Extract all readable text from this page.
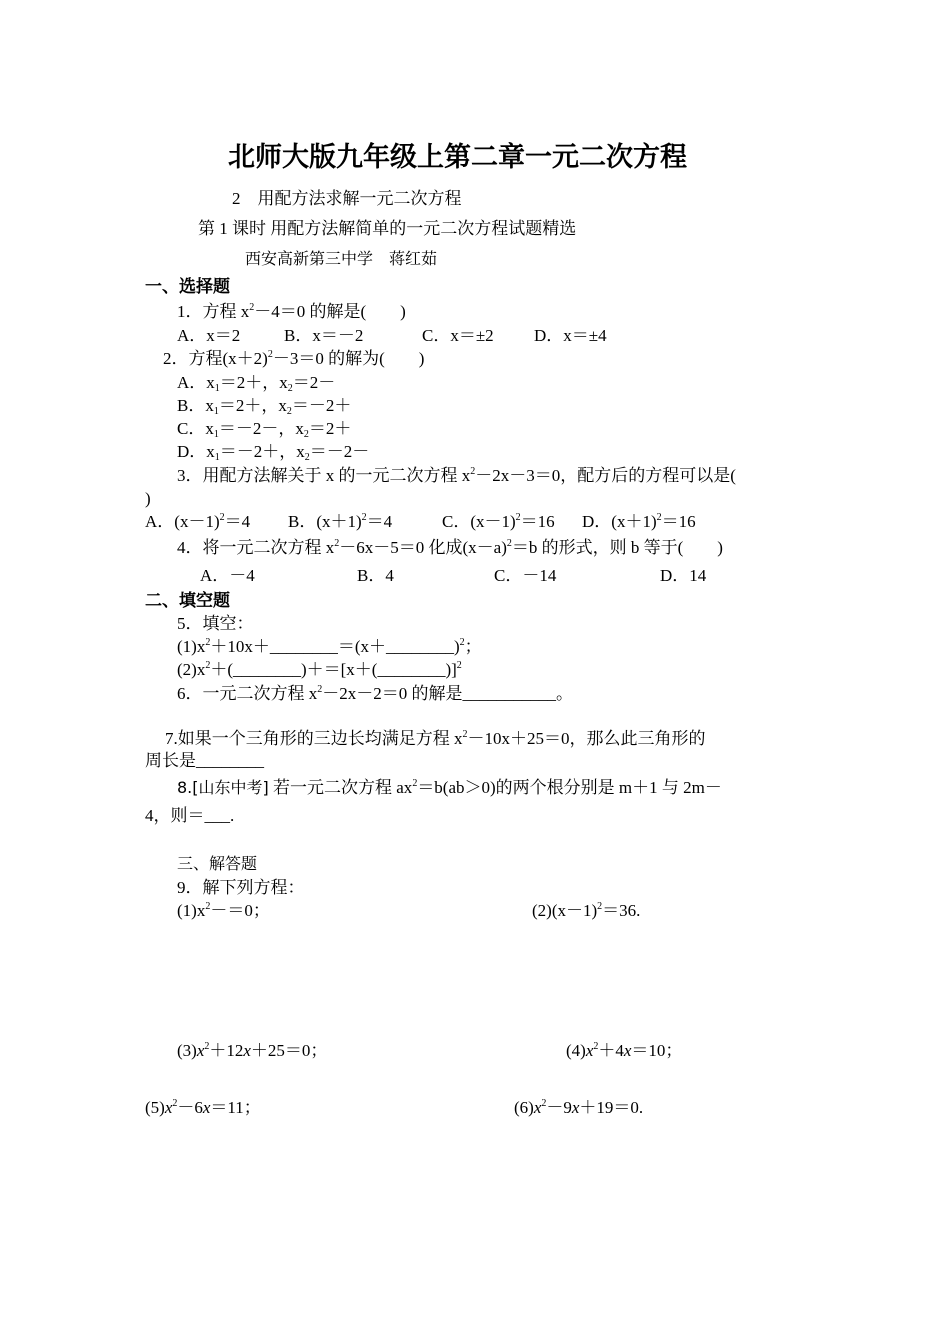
北师大版九年级上第二章一元二次方程
2　用配方法求解一元二次方程
第 1 课时 用配方法解简单的一元二次方程试题精选
西安高新第三中学　蒋红茹
一、选择题
1．方程 $x^2-4=0$ 的解是(　　)
A．x＝2	B．x＝－2	C．x＝±2 D．x＝±4
2．方程$(x+2)^2-3=0$ 的解为(　　)
A．$x_1=2+$，$x_2=2-$
B．$x_1=2+$，$x_2=-2+$
C．$x_1=-2-$，$x_2=2+$
D．$x_1=-2+$，$x_2=-2-$
3．用配方法解关于 x 的一元二次方程 $x^2-2x-3=0$，配方后的方程可以是(
)
A．$(x-1)^2=4$ B．$(x+1)^2=4$	C．$(x-1)^2=16$ D．$(x+1)^2=16$
4．将一元二次方程 $x^2-6x-5=0$ 化成$(x-a)^2=b$ 的形式，则 b 等于(　　)
A．－4	B．4	C．－14	D．14
二、填空题
5．填空：
$(1)x^2+10x+\_\_\_\_\_\_\_\_=(x+\_\_\_\_\_\_\_\_)^2$；
$(2)x^2+(\_\_\_\_\_\_\_\_)+=[x+(\_\_\_\_\_\_\_\_)]^2$
6．一元二次方程 $x^2-2x-2=0$ 的解是___________。
7.如果一个三角形的三边长均满足方程 $x^2-10x+25=0$，那么此三角形的
周长是________
8.[山东中考] 若一元二次方程 $ax^2=b(ab>0)$的两个根分别是 m＋1 与 2m－
4，则＝___.
三、解答题
9．解下列方程：
$(1)x^2-=0$；	$(2)(x-1)^2=36$.
$(3)x^2+12x+25=0$；	$(4)x^2+4x=10$；
$(5)x^2-6x=11$；	$(6)x^2-9x+19=0$.
